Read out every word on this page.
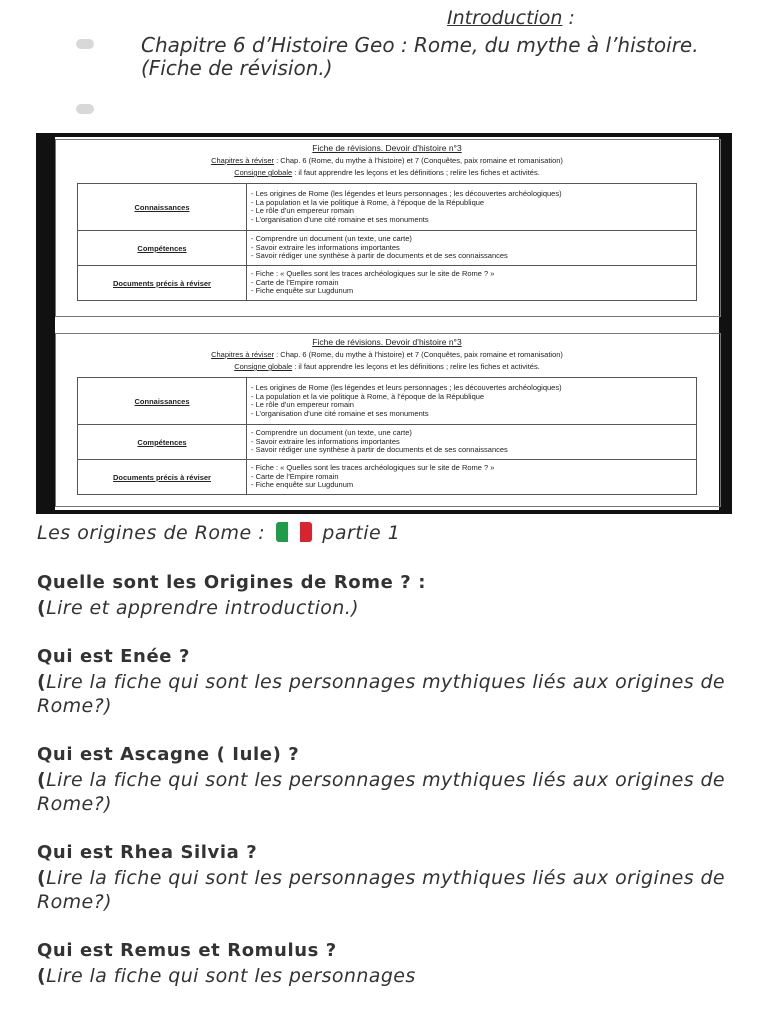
Introduction :
Chapitre 6 d’Histoire Geo : Rome, du mythe à l’histoire.(Fiche de révision.)
Fiche de révisions. Devoir d’histoire n°3
Chapitres à réviser : Chap. 6 (Rome, du mythe à l’histoire) et 7 (Conquêtes, paix romaine et romanisation)
Consigne globale : il faut apprendre les leçons et les définitions ; relire les fiches et activités.
Connaissances	- Les origines de Rome (les légendes et leurs personnages ; les découvertes archéologiques)
- La population et la vie politique à Rome, à l’époque de la République
- Le rôle d’un empereur romain
- L’organisation d’une cité romaine et ses monuments

Compétences	- Comprendre un document (un texte, une carte)
- Savoir extraire les informations importantes
- Savoir rédiger une synthèse à partir de documents et de ses connaissances

Documents précis à réviser	- Fiche : « Quelles sont les traces archéologiques sur le site de Rome ? »
- Carte de l’Empire romain
- Fiche enquête sur Lugdunum
Fiche de révisions. Devoir d’histoire n°3
Chapitres à réviser : Chap. 6 (Rome, du mythe à l’histoire) et 7 (Conquêtes, paix romaine et romanisation)
Consigne globale : il faut apprendre les leçons et les définitions ; relire les fiches et activités.
Connaissances	- Les origines de Rome (les légendes et leurs personnages ; les découvertes archéologiques)
- La population et la vie politique à Rome, à l’époque de la République
- Le rôle d’un empereur romain
- L’organisation d’une cité romaine et ses monuments

Compétences	- Comprendre un document (un texte, une carte)
- Savoir extraire les informations importantes
- Savoir rédiger une synthèse à partir de documents et de ses connaissances

Documents précis à réviser	- Fiche : « Quelles sont les traces archéologiques sur le site de Rome ? »
- Carte de l’Empire romain
- Fiche enquête sur Lugdunum
Les origines de Rome :	partie 1
Quelle sont les Origines de Rome ? :
(Lire et apprendre introduction.)
Qui est Enée ?
(Lire la fiche qui sont les personnages mythiques liés aux origines de Rome?)
Qui est Ascagne ( Iule) ?
(Lire la fiche qui sont les personnages mythiques liés aux origines de Rome?)
Qui est Rhea Silvia ?
(Lire la fiche qui sont les personnages mythiques liés aux origines de Rome?)
Qui est Remus et Romulus ?
(Lire la fiche qui sont les personnages
